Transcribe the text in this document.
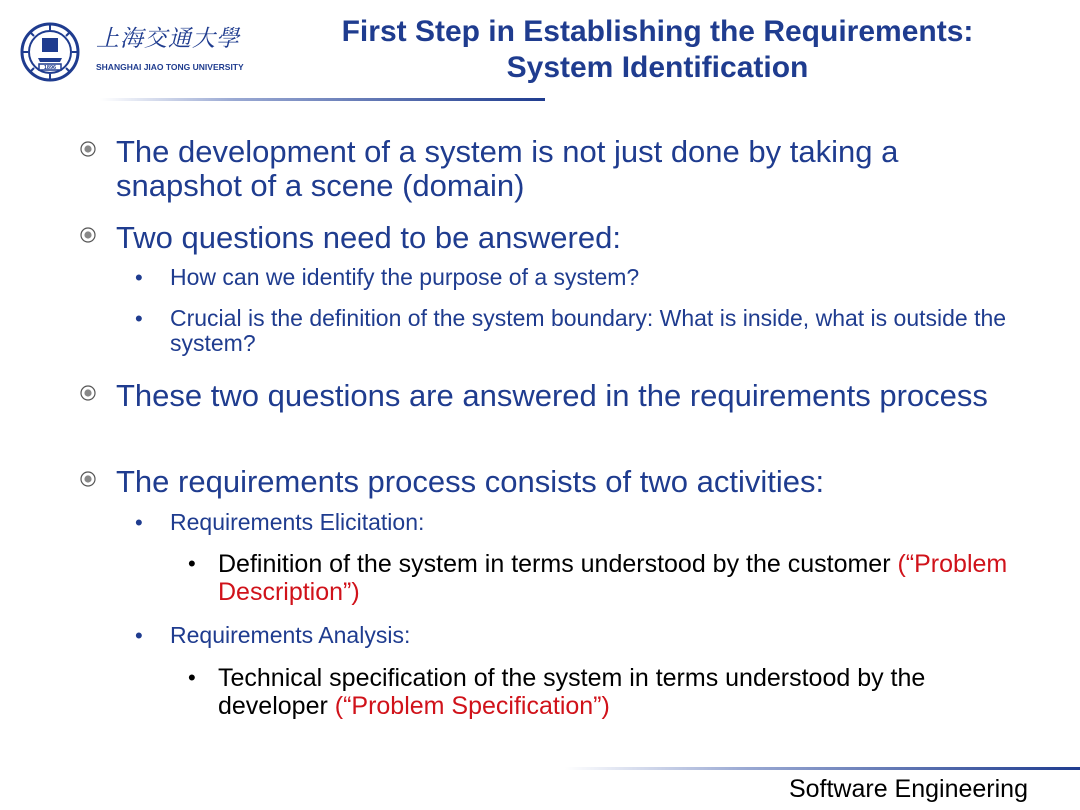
1896
上海交通大學
SHANGHAI JIAO TONG UNIVERSITY
First Step in Establishing the Requirements:
System Identification
The development of a system is not just done by taking a snapshot of a scene (domain)
Two questions need to be answered:
• How can we identify the purpose of a system?
• Crucial is the definition of the system boundary: What is inside, what is outside the system?
These two questions are answered in the requirements process
The requirements process consists of two activities:
• Requirements Elicitation:
• Definition of the system in terms understood by the customer (“Problem Description”)
• Requirements Analysis:
• Technical specification of the system in terms understood by the developer (“Problem Specification”)
Software Engineering
